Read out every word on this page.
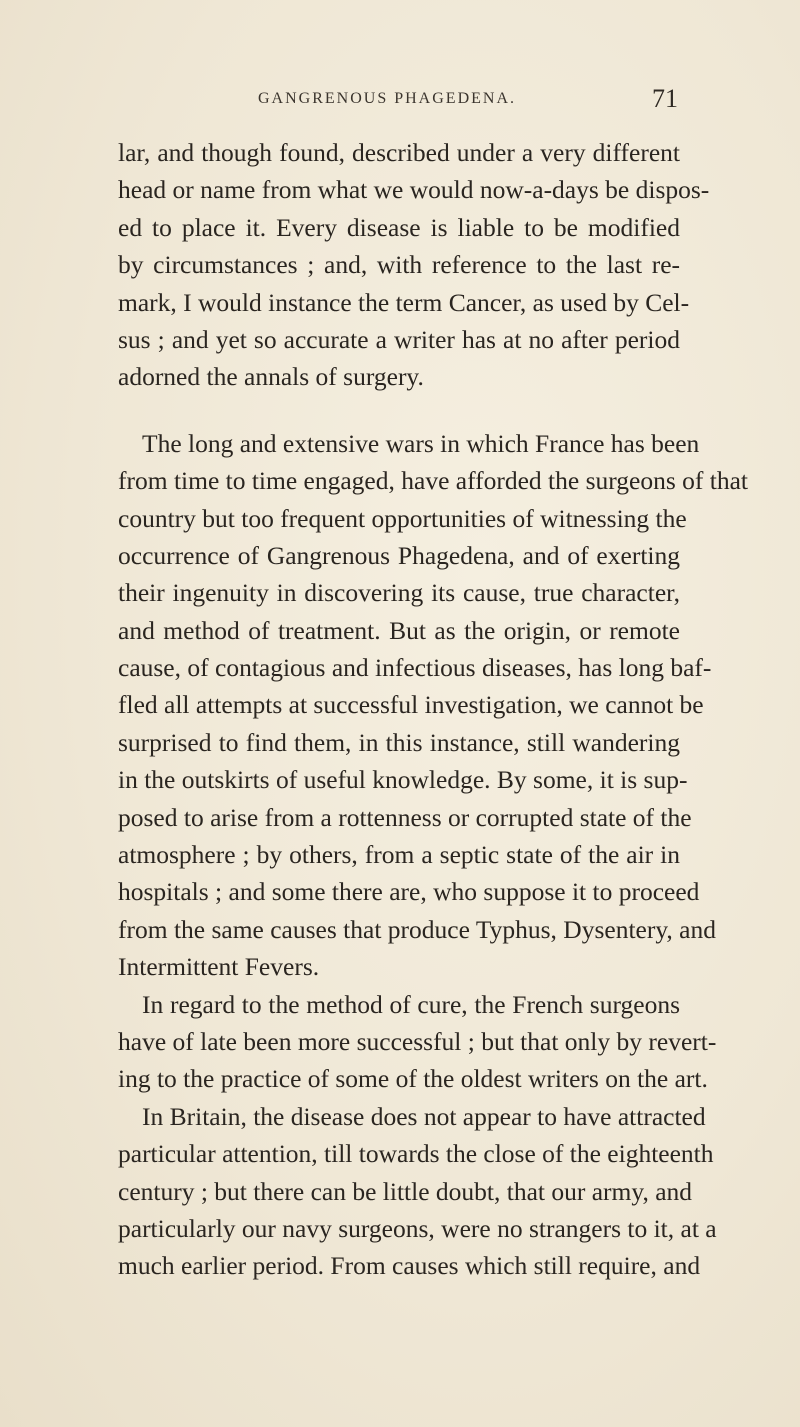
GANGRENOUS PHAGEDENA.	71
lar, and though found, described under a very different
head or name from what we would now-a-days be dispos-
ed to place it. Every disease is liable to be modified
by circumstances ; and, with reference to the last re-
mark, I would instance the term Cancer, as used by Cel-
sus ; and yet so accurate a writer has at no after period
adorned the annals of surgery.
The long and extensive wars in which France has been
from time to time engaged, have afforded the surgeons of that
country but too frequent opportunities of witnessing the
occurrence of Gangrenous Phagedena, and of exerting
their ingenuity in discovering its cause, true character,
and method of treatment. But as the origin, or remote
cause, of contagious and infectious diseases, has long baf-
fled all attempts at successful investigation, we cannot be
surprised to find them, in this instance, still wandering
in the outskirts of useful knowledge. By some, it is sup-
posed to arise from a rottenness or corrupted state of the
atmosphere ; by others, from a septic state of the air in
hospitals ; and some there are, who suppose it to proceed
from the same causes that produce Typhus, Dysentery, and
Intermittent Fevers.
In regard to the method of cure, the French surgeons
have of late been more successful ; but that only by revert-
ing to the practice of some of the oldest writers on the art.
In Britain, the disease does not appear to have attracted
particular attention, till towards the close of the eighteenth
century ; but there can be little doubt, that our army, and
particularly our navy surgeons, were no strangers to it, at a
much earlier period. From causes which still require, and
